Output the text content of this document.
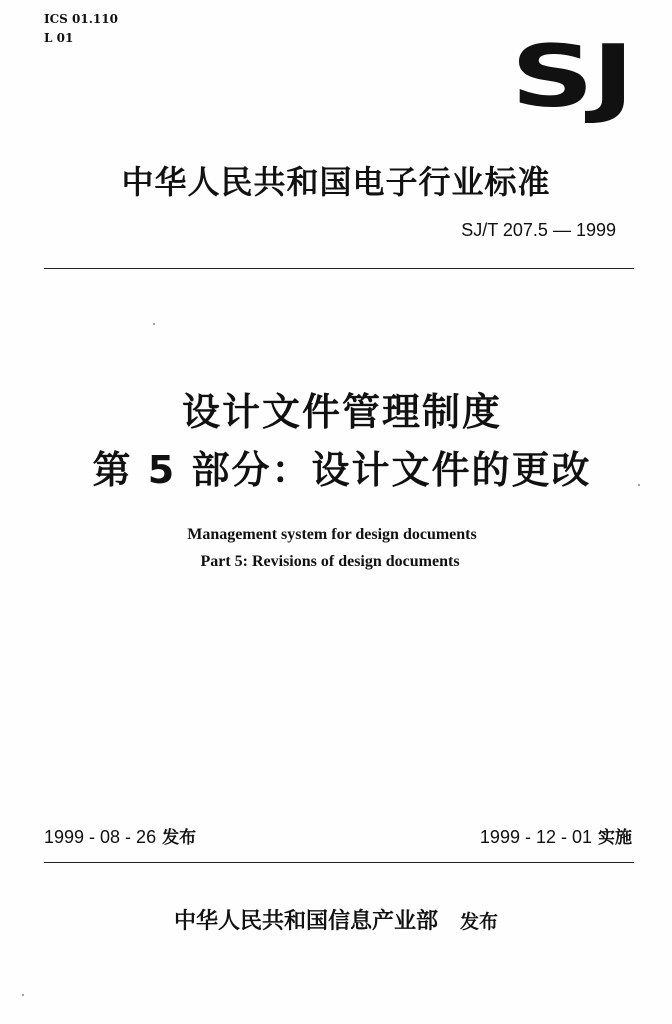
ICS 01.110
L 01	SJ
中华人民共和国电子行业标准
SJ/T 207.5 — 1999
设计文件管理制度
第 5 部分：设计文件的更改
Management system for design documents
Part 5: Revisions of design documents
1999 - 08 - 26 发布	1999 - 12 - 01 实施
中华人民共和国信息产业部 发布
